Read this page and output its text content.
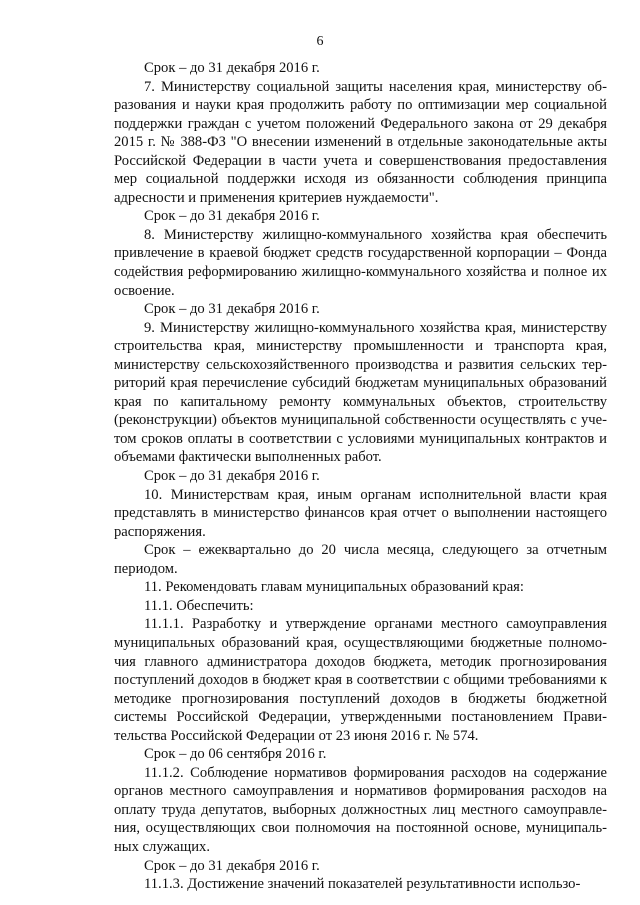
6

Срок – до 31 декабря 2016 г.

7. Министерству социальной защиты населения края, министерству образования и науки края продолжить работу по оптимизации мер социальной поддержки граждан с учетом положений Федерального закона от 29 декабря 2015 г. № 388-ФЗ "О внесении изменений в отдельные законодательные акты Российской Федерации в части учета и совершенствования предоставления мер социальной поддержки исходя из обязанности соблюдения принципа адресности и применения критериев нуждаемости".

Срок – до 31 декабря 2016 г.

8. Министерству жилищно-коммунального хозяйства края обеспечить привлечение в краевой бюджет средств государственной корпорации – Фонда содействия реформированию жилищно-коммунального хозяйства и полное их освоение.

Срок – до 31 декабря 2016 г.

9. Министерству жилищно-коммунального хозяйства края, министерству строительства края, министерству промышленности и транспорта края, министерству сельскохозяйственного производства и развития сельских территорий края перечисление субсидий бюджетам муниципальных образований края по капитальному ремонту коммунальных объектов, строительству (реконструкции) объектов муниципальной собственности осуществлять с учетом сроков оплаты в соответствии с условиями муниципальных контрактов и объемами фактически выполненных работ.

Срок – до 31 декабря 2016 г.

10. Министерствам края, иным органам исполнительной власти края представлять в министерство финансов края отчет о выполнении настоящего распоряжения.

Срок – ежеквартально до 20 числа месяца, следующего за отчетным периодом.

11. Рекомендовать главам муниципальных образований края:

11.1. Обеспечить:

11.1.1. Разработку и утверждение органами местного самоуправления муниципальных образований края, осуществляющими бюджетные полномочия главного администратора доходов бюджета, методик прогнозирования поступлений доходов в бюджет края в соответствии с общими требованиями к методике прогнозирования поступлений доходов в бюджеты бюджетной системы Российской Федерации, утвержденными постановлением Правительства Российской Федерации от 23 июня 2016 г. № 574.

Срок – до 06 сентября 2016 г.

11.1.2. Соблюдение нормативов формирования расходов на содержание органов местного самоуправления и нормативов формирования расходов на оплату труда депутатов, выборных должностных лиц местного самоуправления, осуществляющих свои полномочия на постоянной основе, муниципальных служащих.

Срок – до 31 декабря 2016 г.

11.1.3. Достижение значений показателей результативности использо-
